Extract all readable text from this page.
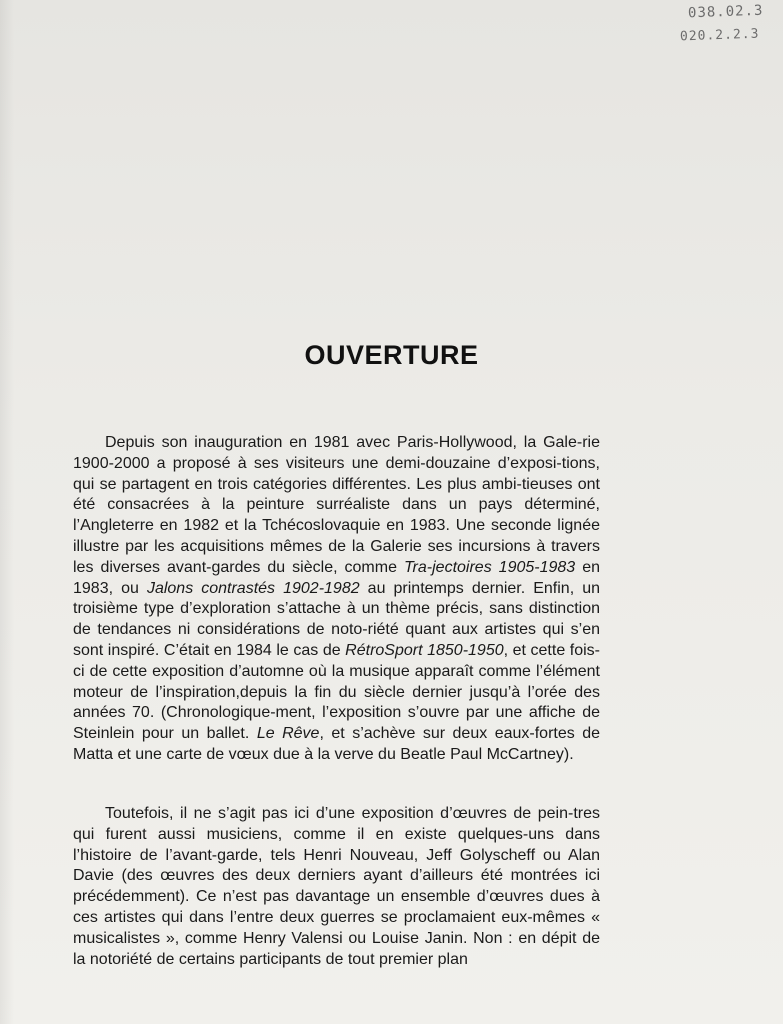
038.02.3
020.2.2.3
OUVERTURE

Depuis son inauguration en 1981 avec Paris-Hollywood, la Gale-rie 1900-2000 a proposé à ses visiteurs une demi-douzaine d’exposi-tions, qui se partagent en trois catégories différentes. Les plus ambi-tieuses ont été consacrées à la peinture surréaliste dans un pays déterminé, l’Angleterre en 1982 et la Tchécoslovaquie en 1983. Une seconde lignée illustre par les acquisitions mêmes de la Galerie ses incursions à travers les diverses avant-gardes du siècle, comme Tra-jectoires 1905-1983 en 1983, ou Jalons contrastés 1902-1982 au printemps dernier. Enfin, un troisième type d’exploration s’attache à un thème précis, sans distinction de tendances ni considérations de noto-riété quant aux artistes qui s’en sont inspiré. C’était en 1984 le cas de RétroSport 1850-1950, et cette fois-ci de cette exposition d’automne où la musique apparaît comme l’élément moteur de l’inspiration,depuis la fin du siècle dernier jusqu’à l’orée des années 70. (Chronologique-ment, l’exposition s’ouvre par une affiche de Steinlein pour un ballet. Le Rêve, et s’achève sur deux eaux-fortes de Matta et une carte de vœux due à la verve du Beatle Paul McCartney).

Toutefois, il ne s’agit pas ici d’une exposition d’œuvres de pein-tres qui furent aussi musiciens, comme il en existe quelques-uns dans l’histoire de l’avant-garde, tels Henri Nouveau, Jeff Golyscheff ou Alan Davie (des œuvres des deux derniers ayant d’ailleurs été montrées ici précédemment). Ce n’est pas davantage un ensemble d’œuvres dues à ces artistes qui dans l’entre deux guerres se proclamaient eux-mêmes « musicalistes », comme Henry Valensi ou Louise Janin. Non : en dépit de la notoriété de certains participants de tout premier plan
